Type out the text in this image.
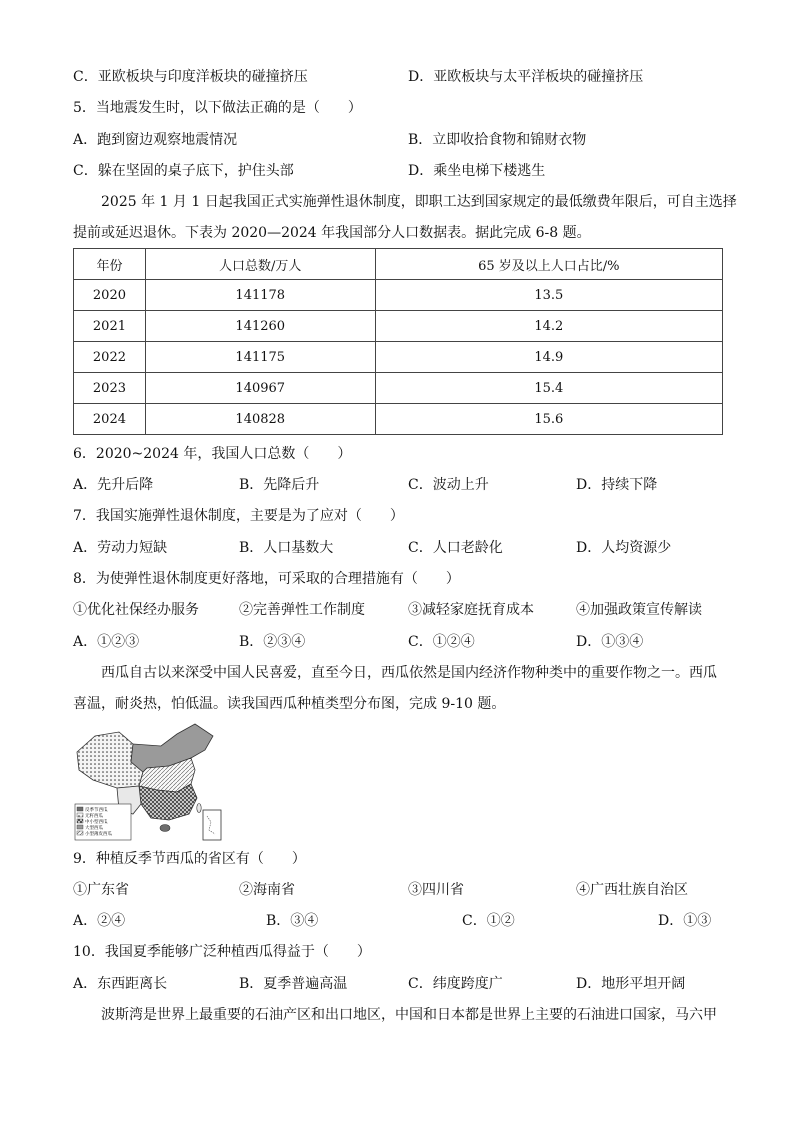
C．亚欧板块与印度洋板块的碰撞挤压	D．亚欧板块与太平洋板块的碰撞挤压
5．当地震发生时，以下做法正确的是（　　）
A．跑到窗边观察地震情况	B．立即收拾食物和锦财衣物
C．躲在坚固的桌子底下，护住头部	D．乘坐电梯下楼逃生
2025 年 1 月 1 日起我国正式实施弹性退休制度，即职工达到国家规定的最低缴费年限后，可自主选择
提前或延迟退休。下表为 2020—2024 年我国部分人口数据表。据此完成 6-8 题。
年份	人口总数/万人	65 岁及以上人口占比/%
2020	141178	13.5
2021	141260	14.2
2022	141175	14.9
2023	140967	15.4
2024	140828	15.6
6．2020~2024 年，我国人口总数（　　）
A．先升后降	B．先降后升	C．波动上升	D．持续下降
7．我国实施弹性退休制度，主要是为了应对（　　）
A．劳动力短缺	B．人口基数大	C．人口老龄化	D．人均资源少
8．为使弹性退休制度更好落地，可采取的合理措施有（　　）
①优化社保经办服务	②完善弹性工作制度	③减轻家庭抚育成本	④加强政策宣传解读
A．①②③	B．②③④	C．①②④	D．①③④
西瓜自古以来深受中国人民喜爱，直至今日，西瓜依然是国内经济作物种类中的重要作物之一。西瓜
喜温，耐炎热，怕低温。读我国西瓜种植类型分布图，完成 9-10 题。
反季节西瓜
无籽西瓜
中小型西瓜
大型西瓜
小型薄皮西瓜
9．种植反季节西瓜的省区有（　　）
①广东省	②海南省	③四川省	④广西壮族自治区
A．②④	B．③④	C．①②	D．①③
10．我国夏季能够广泛种植西瓜得益于（　　）
A．东西距离长	B．夏季普遍高温	C．纬度跨度广	D．地形平坦开阔
波斯湾是世界上最重要的石油产区和出口地区，中国和日本都是世界上主要的石油进口国家，马六甲
